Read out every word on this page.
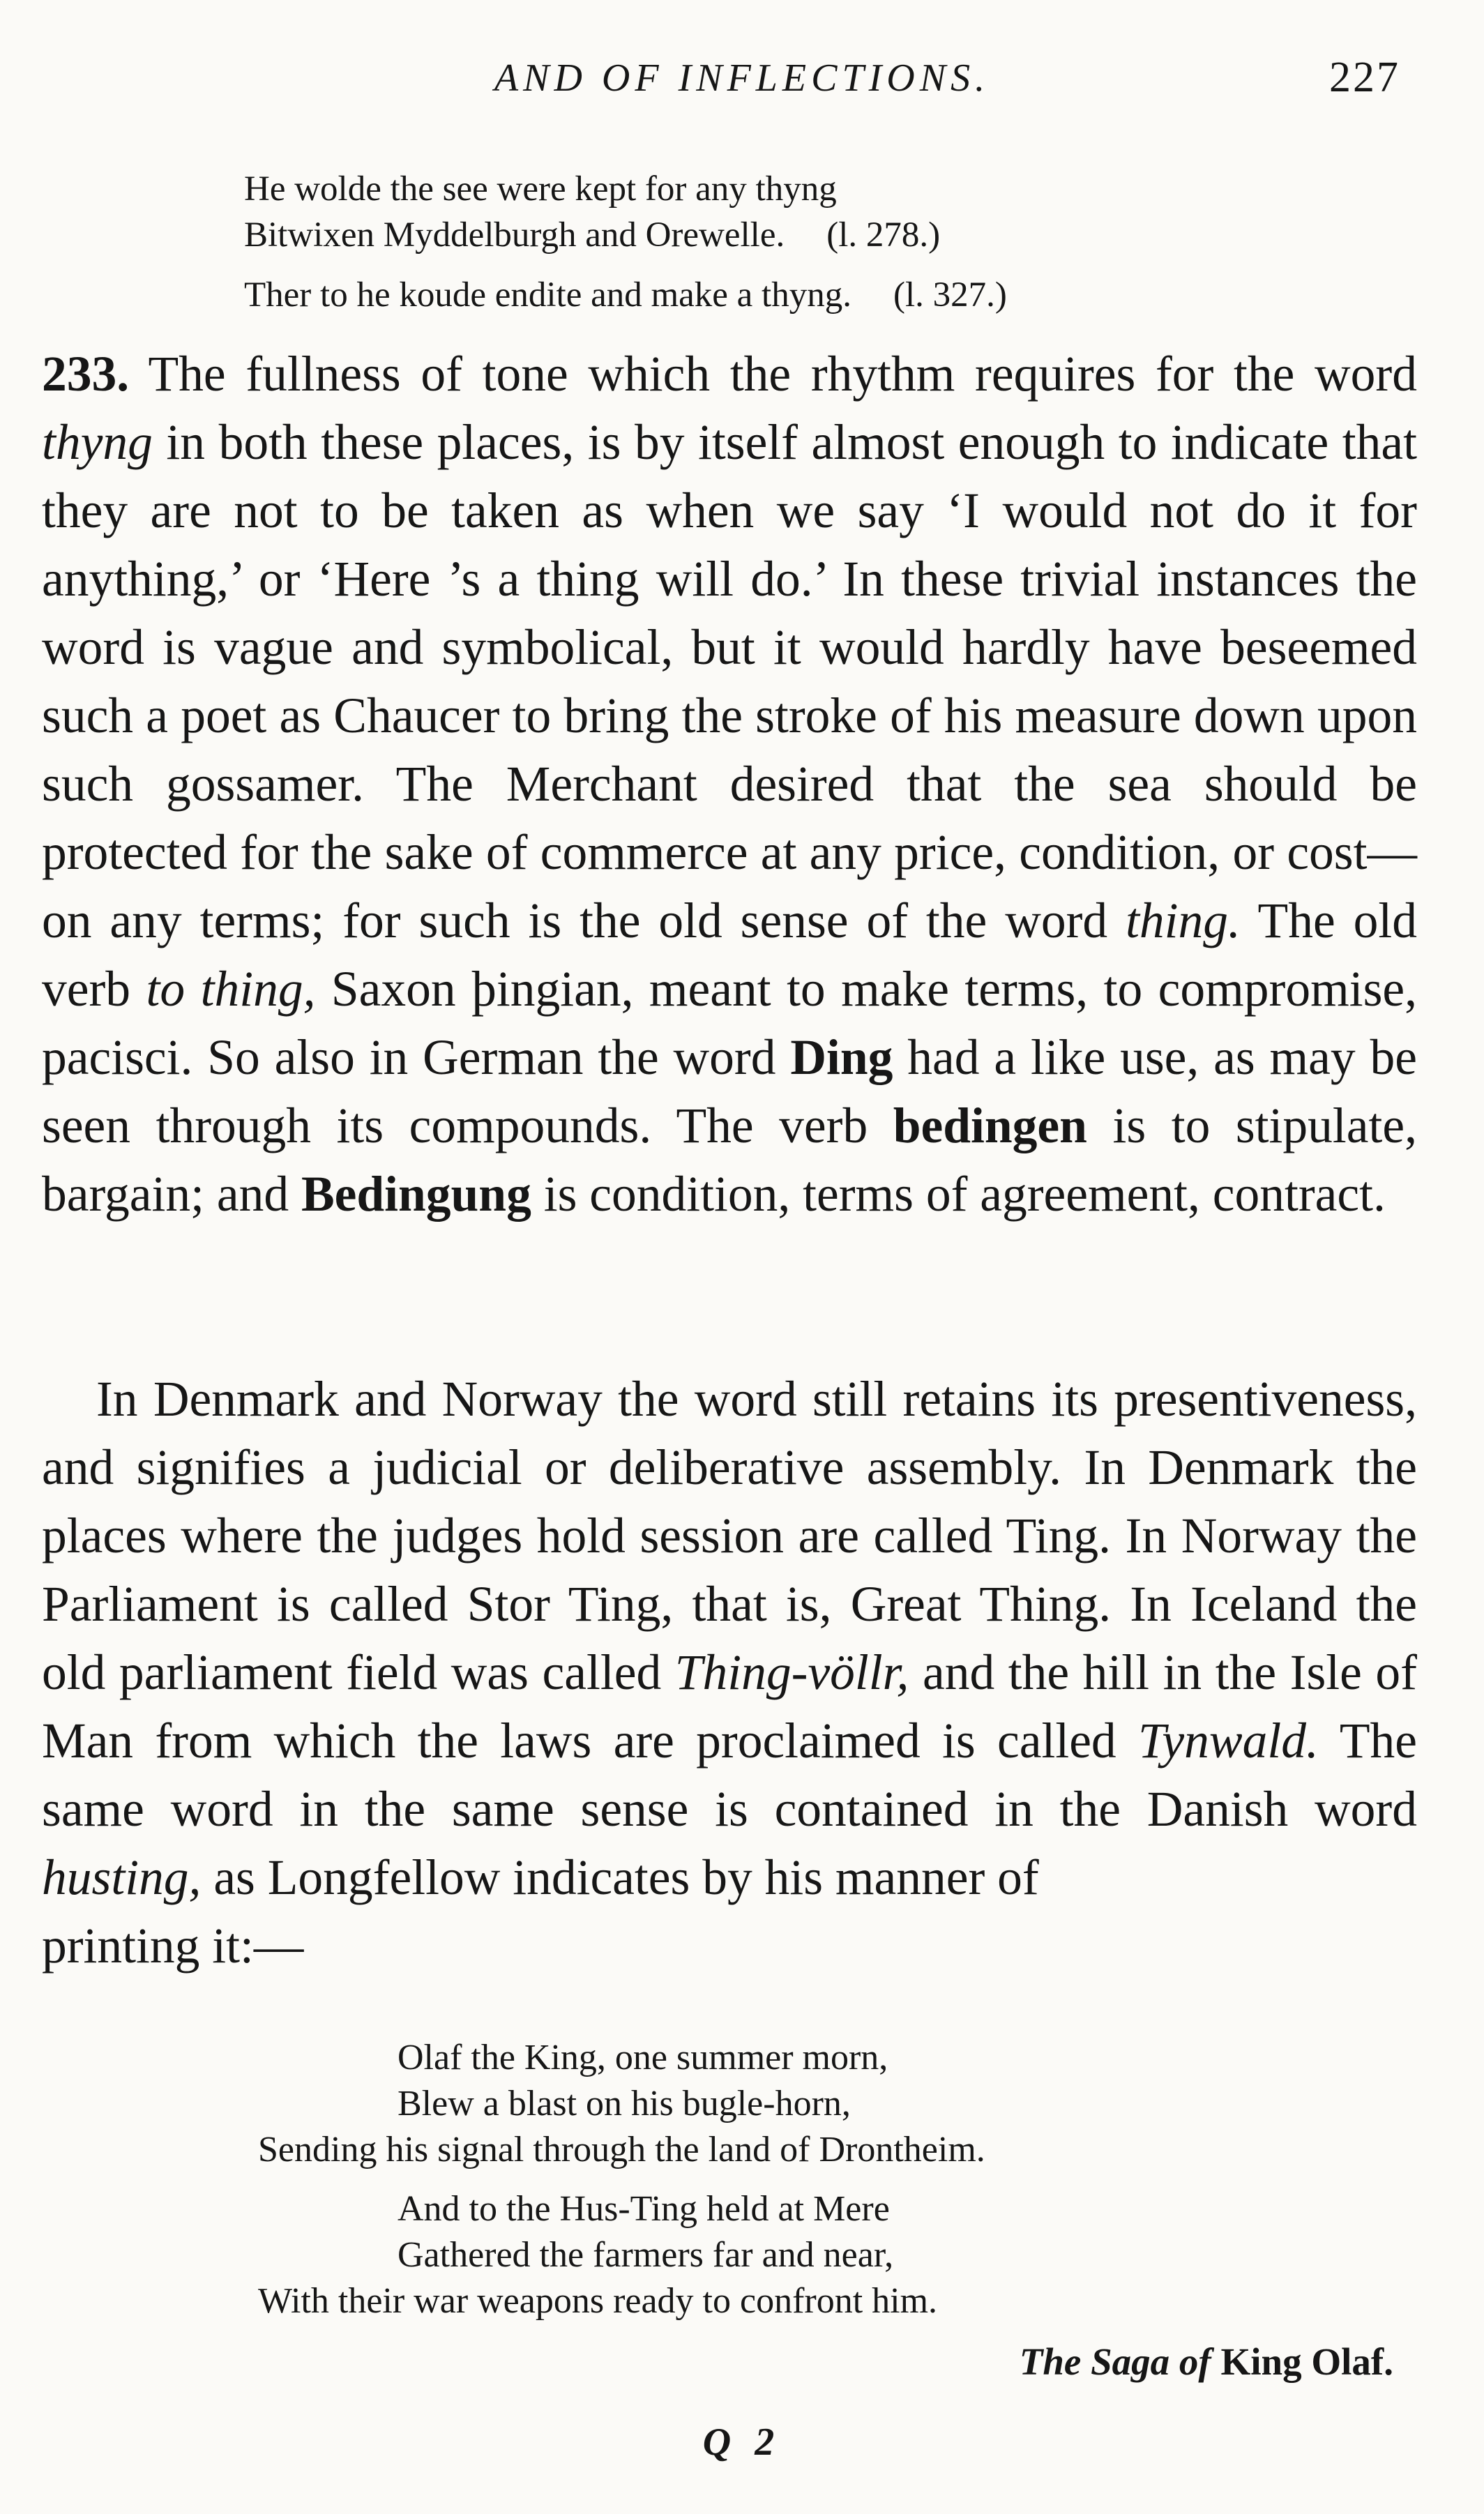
AND OF INFLECTIONS.	227
He wolde the see were kept for any thyng
Bitwixen Myddelburgh and Orewelle. (l. 278.)
Ther to he koude endite and make a thyng. (l. 327.)
233. The fullness of tone which the rhythm requires for the word thyng in both these places, is by itself almost enough to indicate that they are not to be taken as when we say ‘I would not do it for anything,’ or ‘Here ’s a thing will do.’ In these trivial instances the word is vague and symbolical, but it would hardly have beseemed such a poet as Chaucer to bring the stroke of his measure down upon such gossamer. The Merchant desired that the sea should be protected for the sake of commerce at any price, condition, or cost—on any terms; for such is the old sense of the word thing. The old verb to thing, Saxon þingian, meant to make terms, to compromise, pacisci. So also in German the word Ding had a like use, as may be seen through its compounds. The verb bedingen is to stipulate, bargain; and Bedingung is condition, terms of agreement, contract.
In Denmark and Norway the word still retains its presentiveness, and signifies a judicial or deliberative assembly. In Denmark the places where the judges hold session are called Ting. In Norway the Parliament is called Stor Ting, that is, Great Thing. In Iceland the old parliament field was called Thing-völlr, and the hill in the Isle of Man from which the laws are proclaimed is called Tynwald. The same word in the same sense is contained in the Danish word husting, as Longfellow indicates by his manner of
printing it:—
Olaf the King, one summer morn,
Blew a blast on his bugle-horn,
Sending his signal through the land of Drontheim.
And to the Hus-Ting held at Mere
Gathered the farmers far and near,
With their war weapons ready to confront him.
The Saga of King Olaf.
Q 2
